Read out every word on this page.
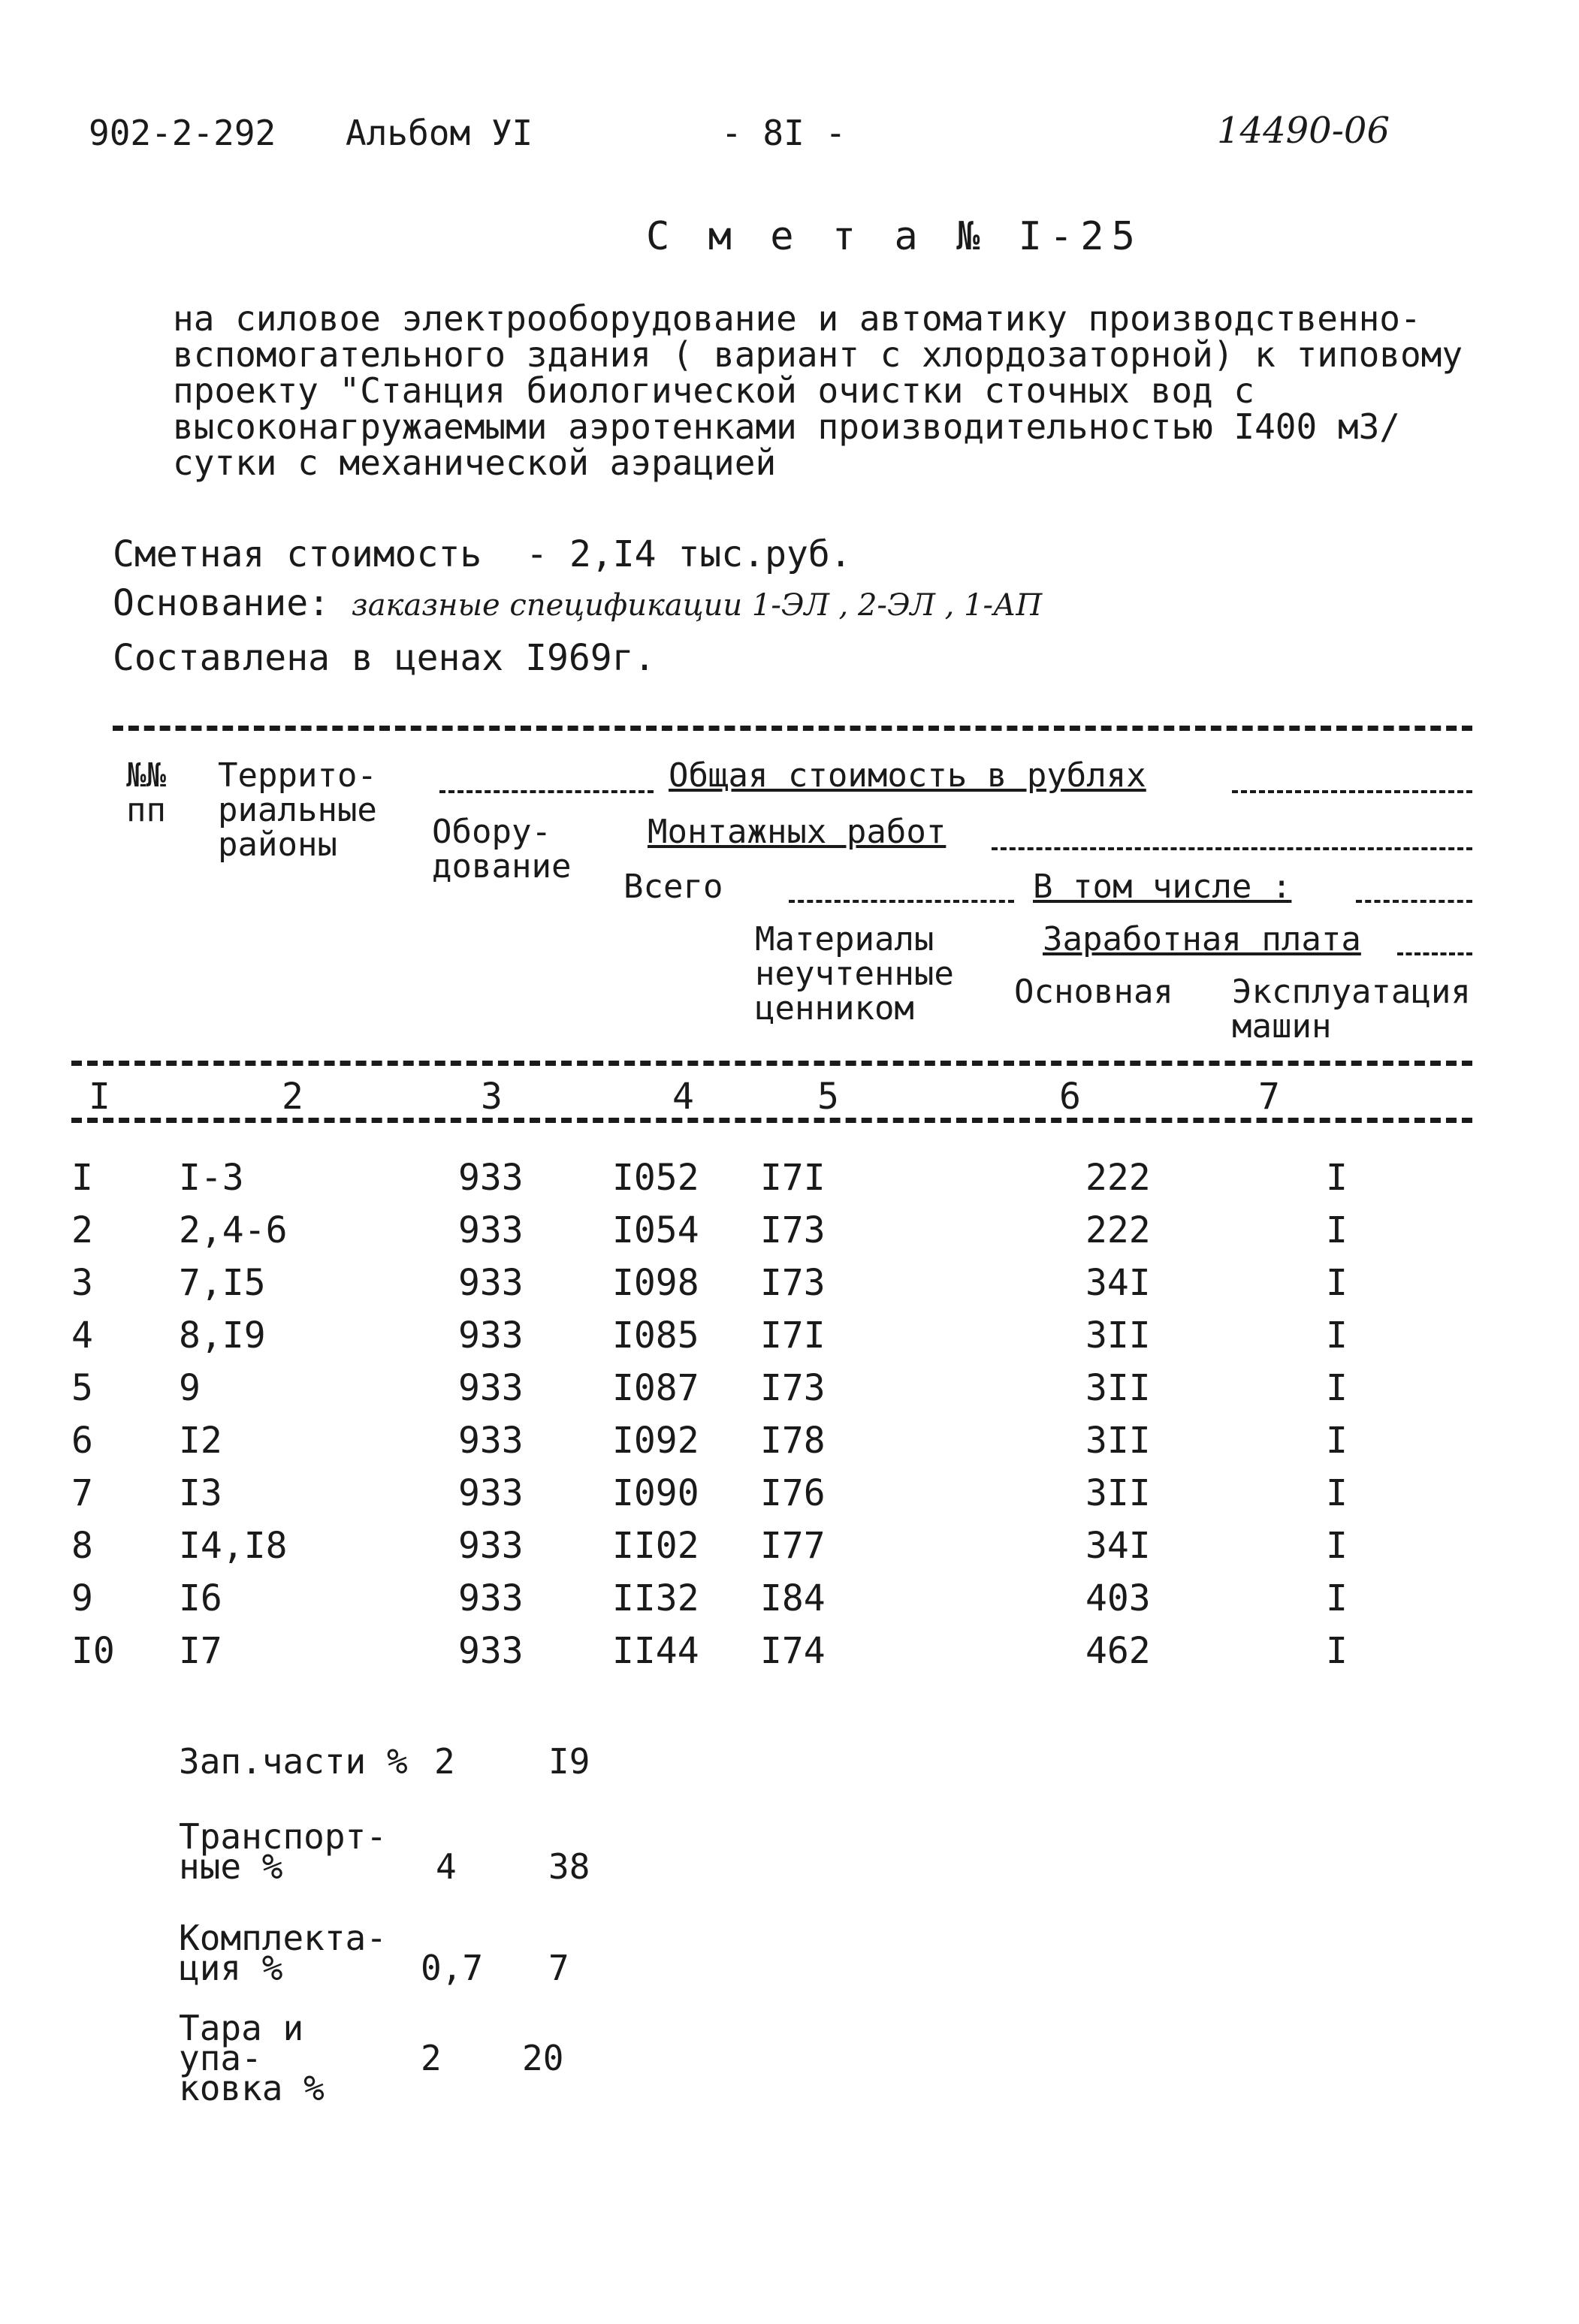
902-2-292 Альбом УI	- 8I -	14490-06
С м е т а № I-25
на силовое электрооборудование и автоматику производственно-вспомогательного здания ( вариант с хлордозаторной) к типовому проекту "Станция биологической очистки сточных вод с высоконагружаемыми аэротенками производительностью I400 м3/сутки с механической аэрацией
Сметная стоимость - 2,I4 тыс.руб.
Основание: заказные спецификации 1-ЭЛ , 2-ЭЛ , 1-АП
Составлена в ценах I969г.
№№ пп
Террито- риальные районы
Общая стоимость в рублях
Обору- дование
Монтажных работ
Всего	В том числе :
Материалы неучтенные ценником
Заработная плата
Основная Эксплуатация машин
I	2	3	4	5	6	7
I I-3	933 I052 I7I	222	I
2 2,4-6	933 I054 I73	222	I
3 7,I5	933 I098 I73	34I	I
4 8,I9	933 I085 I7I	3II	I
5 9	933 I087 I73	3II	I
6 I2	933 I092 I78	3II	I
7 I3	933 I090 I76	3II	I
8 I4,I8	933 II02 I77	34I	I
9 I6	933 II32 I84	403	I
I0 I7	933 II44 I74	462	I
Зап.части % 2	I9
Транспорт- ные %	4	38
Комплекта- ция %	0,7 7
Тара и упа- ковка %
2 20
